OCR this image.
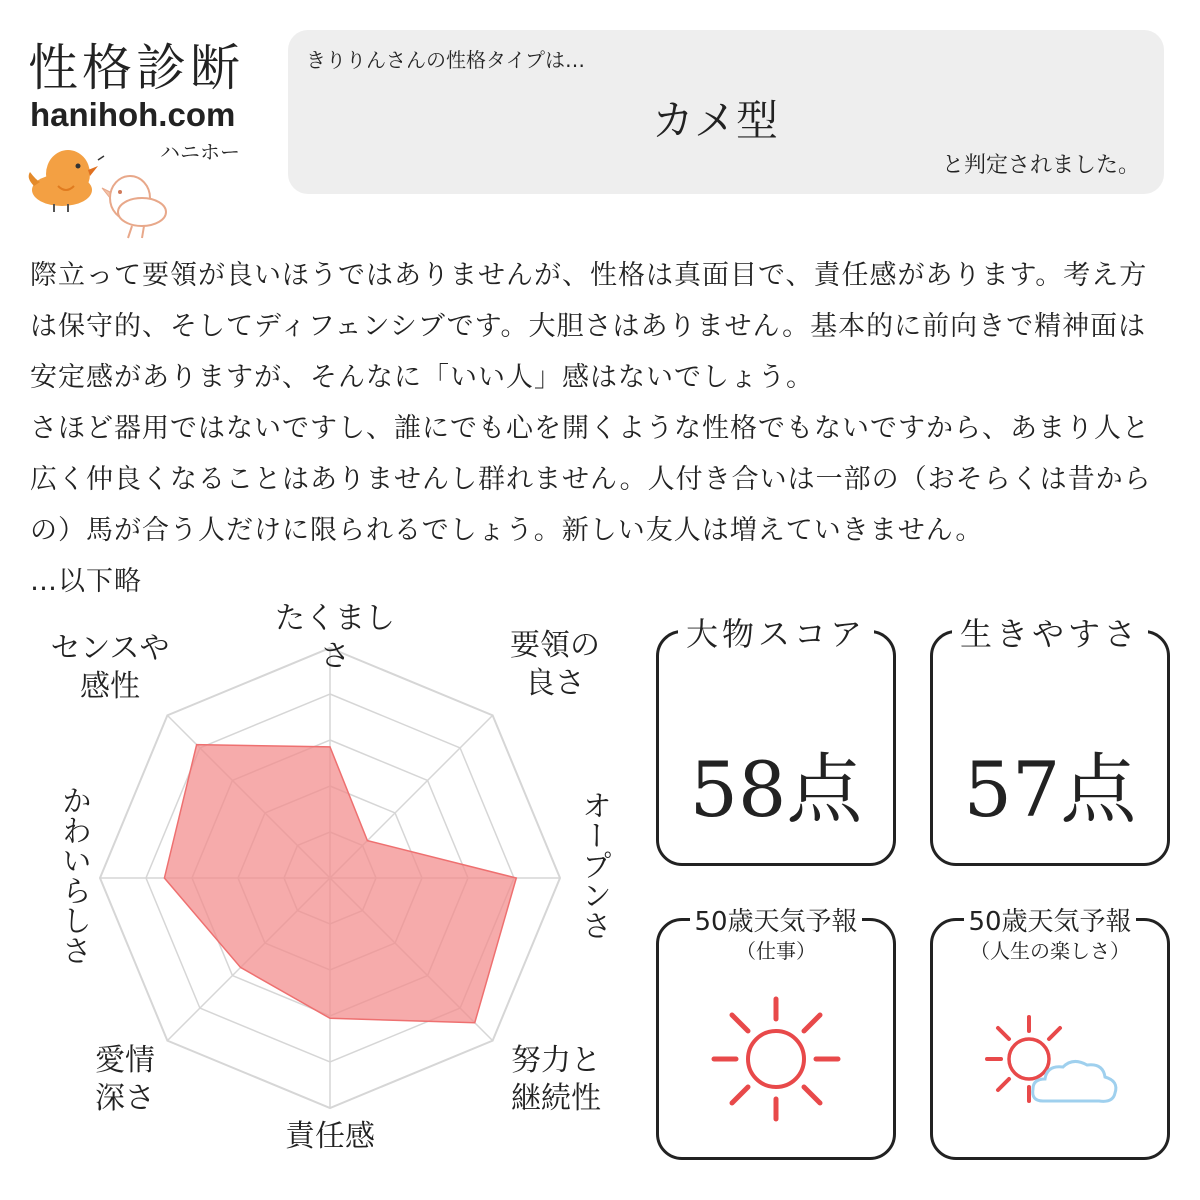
性格診断
hanihoh.com
ハニホー
きりりんさんの性格タイプは…
カメ型
と判定されました。

際立って要領が良いほうではありませんが、性格は真面目で、責任感があります。考え方は保守的、そしてディフェンシブです。大胆さはありません。基本的に前向きで精神面は安定感がありますが、そんなに「いい人」感はないでしょう。

さほど器用ではないですし、誰にでも心を開くような性格でもないですから、あまり人と広く仲良くなることはありませんし群れません。人付き合いは一部の（おそらくは昔からの）馬が合う人だけに限られるでしょう。新しい友人は増えていきません。

…以下略

たくましさ	要領の
良さ
オープンさ
努力と
継続性
責任感
愛情
深さ
かわいらしさ
センスや
感性
大物スコア
58点
生きやすさ
57点
50歳天気予報
（仕事）
50歳天気予報
（人生の楽しさ）
